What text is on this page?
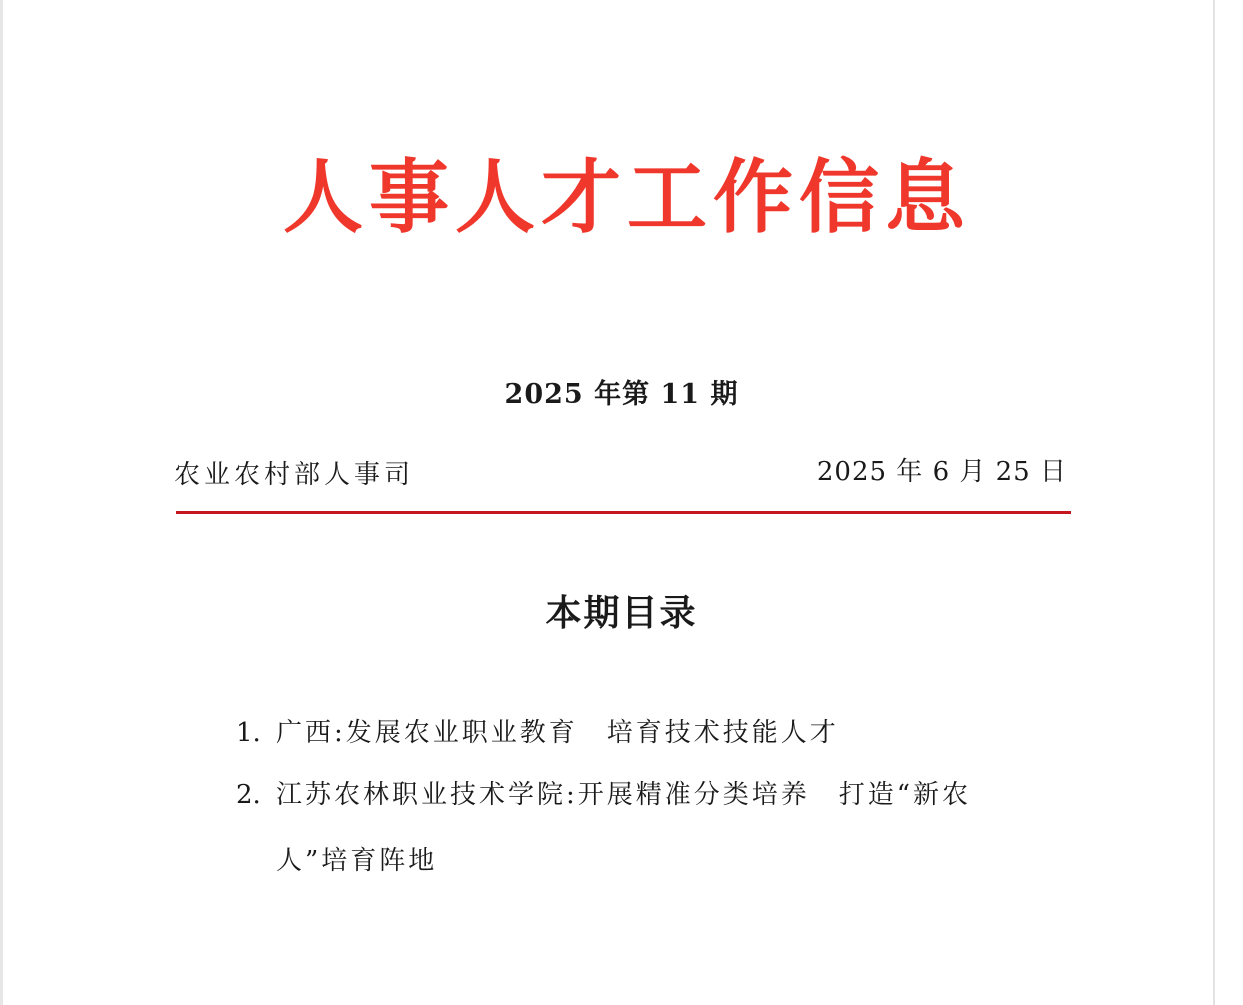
人事人才工作信息
2025 年第 11 期
农业农村部人事司	2025 年 6 月 25 日
本期目录
1. 广西:发展农业职业教育　培育技术技能人才
2. 江苏农林职业技术学院:开展精准分类培养　打造“新农
人”培育阵地
